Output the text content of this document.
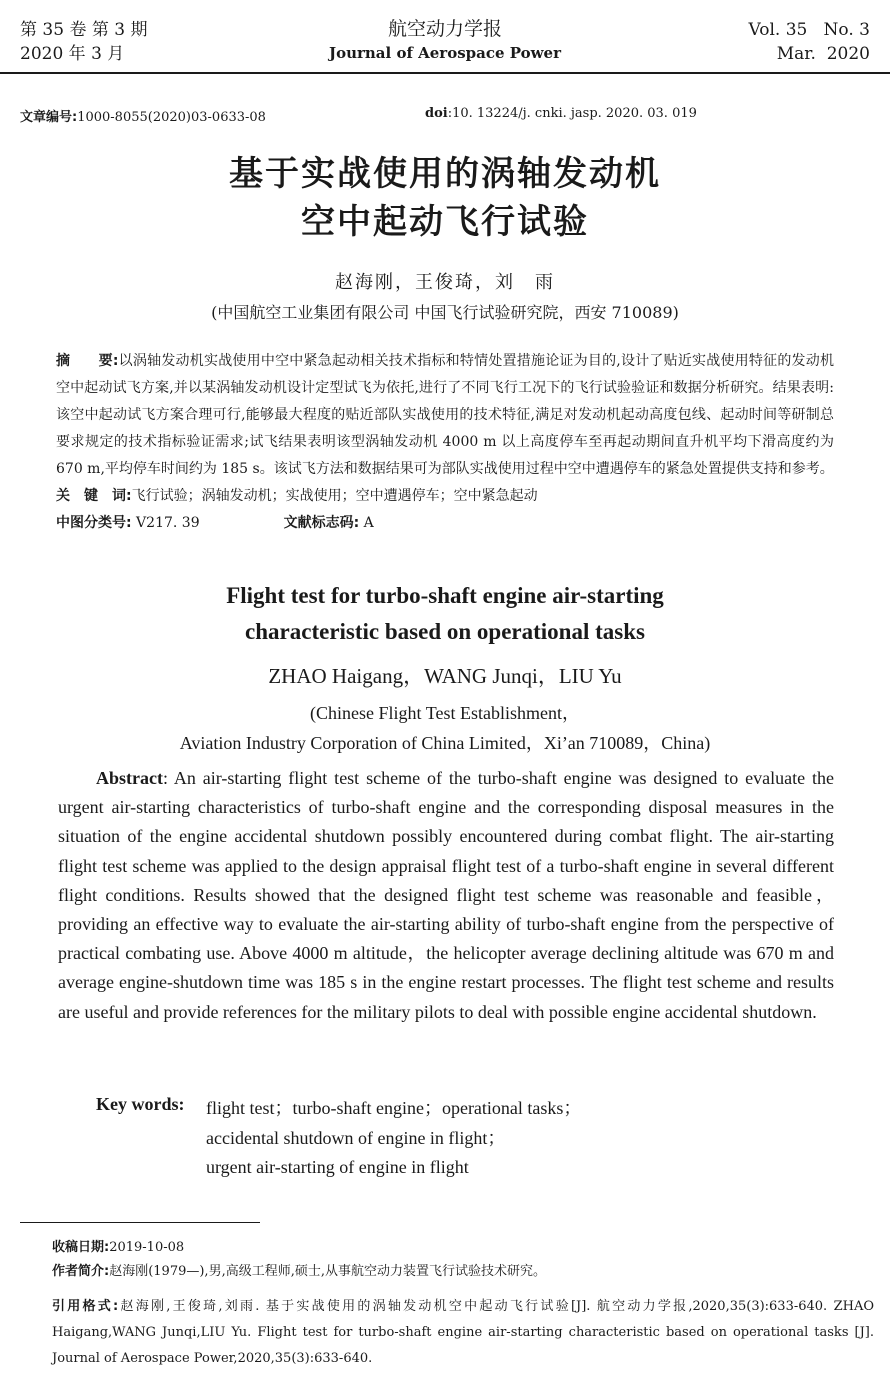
第 35 卷 第 3 期
2020 年 3 月
航空动力学报
Journal of Aerospace Power
Vol. 35   No. 3
Mar.  2020
文章编号:1000-8055(2020)03-0633-08	doi:10. 13224/j. cnki. jasp. 2020. 03. 019
基于实战使用的涡轴发动机
空中起动飞行试验
赵海刚，王俊琦，刘　雨
(中国航空工业集团有限公司 中国飞行试验研究院，西安 710089)

摘　　要:以涡轴发动机实战使用中空中紧急起动相关技术指标和特情处置措施论证为目的,设计了贴近实战使用特征的发动机空中起动试飞方案,并以某涡轴发动机设计定型试飞为依托,进行了不同飞行工况下的飞行试验验证和数据分析研究。结果表明:该空中起动试飞方案合理可行,能够最大程度的贴近部队实战使用的技术特征,满足对发动机起动高度包线、起动时间等研制总要求规定的技术指标验证需求;试飞结果表明该型涡轴发动机 4000 m 以上高度停车至再起动期间直升机平均下滑高度约为 670 m,平均停车时间约为 185 s。该试飞方法和数据结果可为部队实战使用过程中空中遭遇停车的紧急处置提供支持和参考。

关　键　词:飞行试验；涡轴发动机；实战使用；空中遭遇停车；空中紧急起动

中图分类号: V217. 39	文献标志码: A

Flight test for turbo-shaft engine air-starting
characteristic based on operational tasks
ZHAO Haigang，WANG Junqi，LIU Yu
(Chinese Flight Test Establishment，
Aviation Industry Corporation of China Limited，Xi’an 710089，China)
Abstract: An air-starting flight test scheme of the turbo-shaft engine was designed to evaluate the urgent air-starting characteristics of turbo-shaft engine and the corresponding disposal measures in the situation of the engine accidental shutdown possibly encountered during combat flight. The air-starting flight test scheme was applied to the design appraisal flight test of a turbo-shaft engine in several different flight conditions. Results showed that the designed flight test scheme was reasonable and feasible，providing an effective way to evaluate the air-starting ability of turbo-shaft engine from the perspective of practical combating use. Above 4000 m altitude，the helicopter average declining altitude was 670 m and average engine-shutdown time was 185 s in the engine restart processes. The flight test scheme and results are useful and provide references for the military pilots to deal with possible engine accidental shutdown.
Key words: flight test；turbo-shaft engine；operational tasks；
accidental shutdown of engine in flight；
urgent air-starting of engine in flight
收稿日期:2019-10-08
作者简介:赵海刚(1979—),男,高级工程师,硕士,从事航空动力装置飞行试验技术研究。
引用格式:赵海刚,王俊琦,刘雨. 基于实战使用的涡轴发动机空中起动飞行试验[J]. 航空动力学报,2020,35(3):633-640. ZHAO Haigang,WANG Junqi,LIU Yu. Flight test for turbo-shaft engine air-starting characteristic based on operational tasks [J]. Journal of Aerospace Power,2020,35(3):633-640.
